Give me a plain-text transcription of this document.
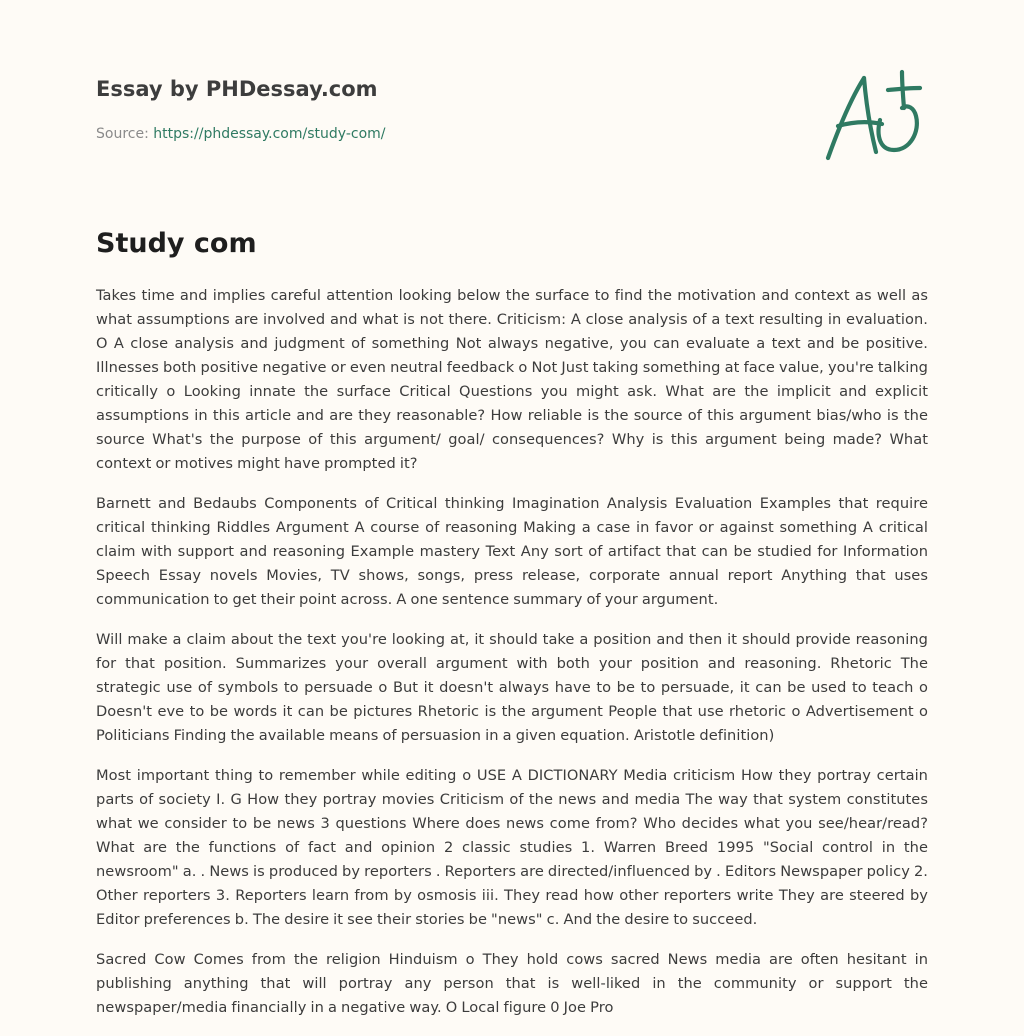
Essay by PHDessay.com
Source: https://phdessay.com/study-com/
Study com

Takes time and implies careful attention looking below the surface to find the motivation and context as well as what assumptions are involved and what is not there. Criticism: A close analysis of a text resulting in evaluation. O A close analysis and judgment of something Not always negative, you can evaluate a text and be positive. Illnesses both positive negative or even neutral feedback o Not Just taking something at face value, you're talking critically o Looking innate the surface Critical Questions you might ask. What are the implicit and explicit assumptions in this article and are they reasonable? How reliable is the source of this argument bias/who is the source What's the purpose of this argument/ goal/ consequences? Why is this argument being made? What context or motives might have prompted it?

Barnett and Bedaubs Components of Critical thinking Imagination Analysis Evaluation Examples that require critical thinking Riddles Argument A course of reasoning Making a case in favor or against something A critical claim with support and reasoning Example mastery Text Any sort of artifact that can be studied for Information Speech Essay novels Movies, TV shows, songs, press release, corporate annual report Anything that uses communication to get their point across. A one sentence summary of your argument.

Will make a claim about the text you're looking at, it should take a position and then it should provide reasoning for that position. Summarizes your overall argument with both your position and reasoning. Rhetoric The strategic use of symbols to persuade o But it doesn't always have to be to persuade, it can be used to teach o Doesn't eve to be words it can be pictures Rhetoric is the argument People that use rhetoric o Advertisement o Politicians Finding the available means of persuasion in a given equation. Aristotle definition)

Most important thing to remember while editing o USE A DICTIONARY Media criticism How they portray certain parts of society I. G How they portray movies Criticism of the news and media The way that system constitutes what we consider to be news 3 questions Where does news come from? Who decides what you see/hear/read? What are the functions of fact and opinion 2 classic studies 1. Warren Breed 1995 "Social control in the newsroom" a. . News is produced by reporters . Reporters are directed/influenced by . Editors Newspaper policy 2. Other reporters 3. Reporters learn from by osmosis iii. They read how other reporters write They are steered by Editor preferences b. The desire it see their stories be "news" c. And the desire to succeed.

Sacred Cow Comes from the religion Hinduism o They hold cows sacred News media are often hesitant in publishing anything that will portray any person that is well-liked in the community or support the newspaper/media financially in a negative way. O Local figure 0 Joe Pro
